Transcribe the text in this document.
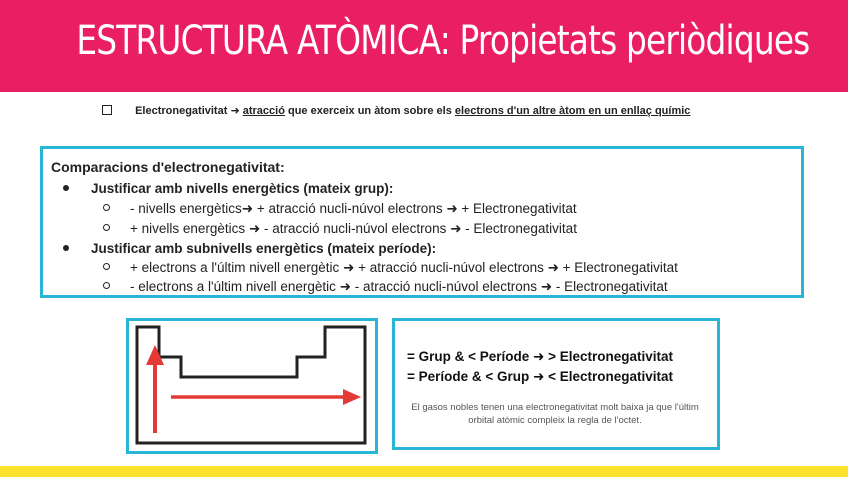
ESTRUCTURA ATÒMICA: Propietats periòdiques
Electronegativitat ➜ atracció que exerceix un àtom sobre els electrons d'un altre àtom en un enllaç químic
Comparacions d'electronegativitat:
Justificar amb nivells energètics (mateix grup):
- nivells energètics➜ + atracció nucli-núvol electrons ➜ + Electronegativitat
+ nivells energètics ➜ - atracció nucli-núvol electrons ➜ - Electronegativitat
Justificar amb subnivells energètics (mateix període):
+ electrons a l'últim nivell energètic ➜ + atracció nucli-núvol electrons ➜ + Electronegativitat
- electrons a l'últim nivell energètic ➜ - atracció nucli-núvol electrons ➜ - Electronegativitat
= Grup & < Període ➜ > Electronegativitat
= Període & < Grup ➜ < Electronegativitat
El gasos nobles tenen una electronegativitat molt baixa ja que l'últim orbital atòmic compleix la regla de l'octet.
